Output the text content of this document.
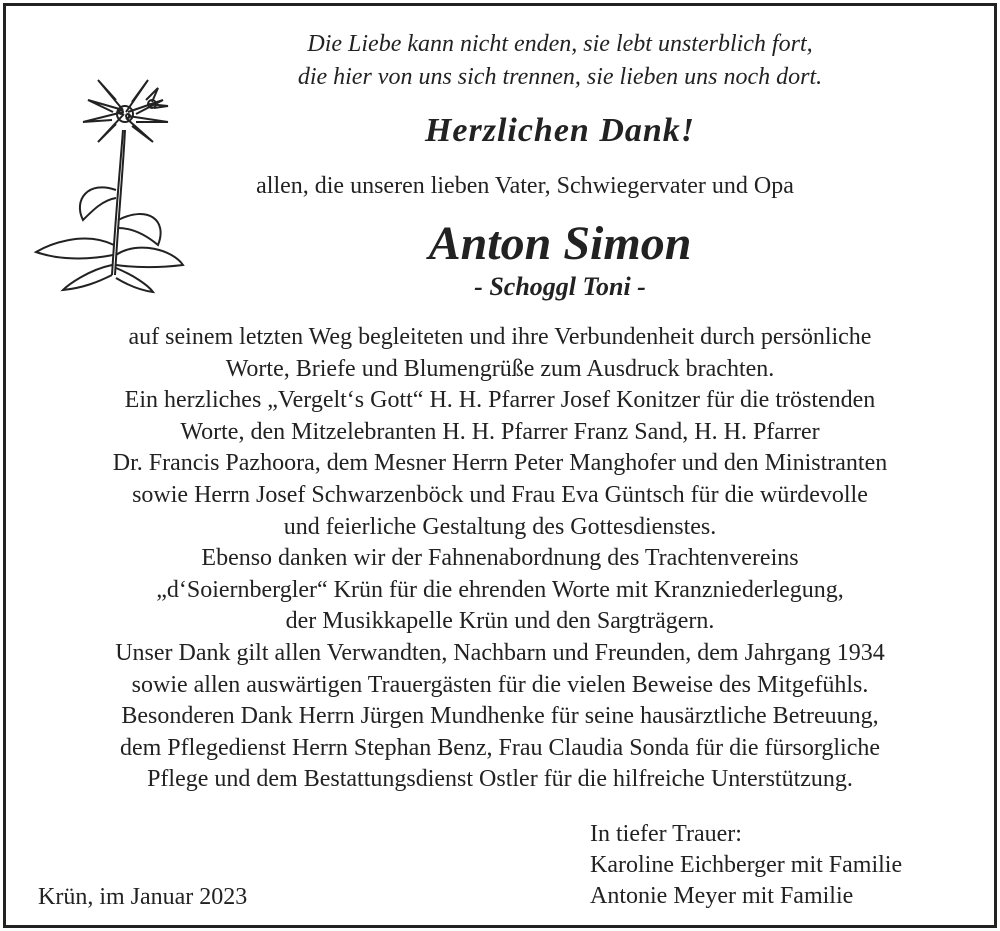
Die Liebe kann nicht enden, sie lebt unsterblich fort,
die hier von uns sich trennen, sie lieben uns noch dort.
Herzlichen Dank!
allen, die unseren lieben Vater, Schwiegervater und Opa
Anton Simon
- Schoggl Toni -
auf seinem letzten Weg begleiteten und ihre Verbundenheit durch persönliche
Worte, Briefe und Blumengrüße zum Ausdruck brachten.
Ein herzliches „Vergelt‘s Gott“ H. H. Pfarrer Josef Konitzer für die tröstenden
Worte, den Mitzelebranten H. H. Pfarrer Franz Sand, H. H. Pfarrer
Dr. Francis Pazhoora, dem Mesner Herrn Peter Manghofer und den Ministranten
sowie Herrn Josef Schwarzenböck und Frau Eva Güntsch für die würdevolle
und feierliche Gestaltung des Gottesdienstes.
Ebenso danken wir der Fahnenabordnung des Trachtenvereins
„d‘Soiernbergler“ Krün für die ehrenden Worte mit Kranzniederlegung,
der Musikkapelle Krün und den Sargträgern.
Unser Dank gilt allen Verwandten, Nachbarn und Freunden, dem Jahrgang 1934
sowie allen auswärtigen Trauergästen für die vielen Beweise des Mitgefühls.
Besonderen Dank Herrn Jürgen Mundhenke für seine hausärztliche Betreuung,
dem Pflegedienst Herrn Stephan Benz, Frau Claudia Sonda für die fürsorgliche
Pflege und dem Bestattungsdienst Ostler für die hilfreiche Unterstützung.
Krün, im Januar 2023
In tiefer Trauer:
Karoline Eichberger mit Familie
Antonie Meyer mit Familie
